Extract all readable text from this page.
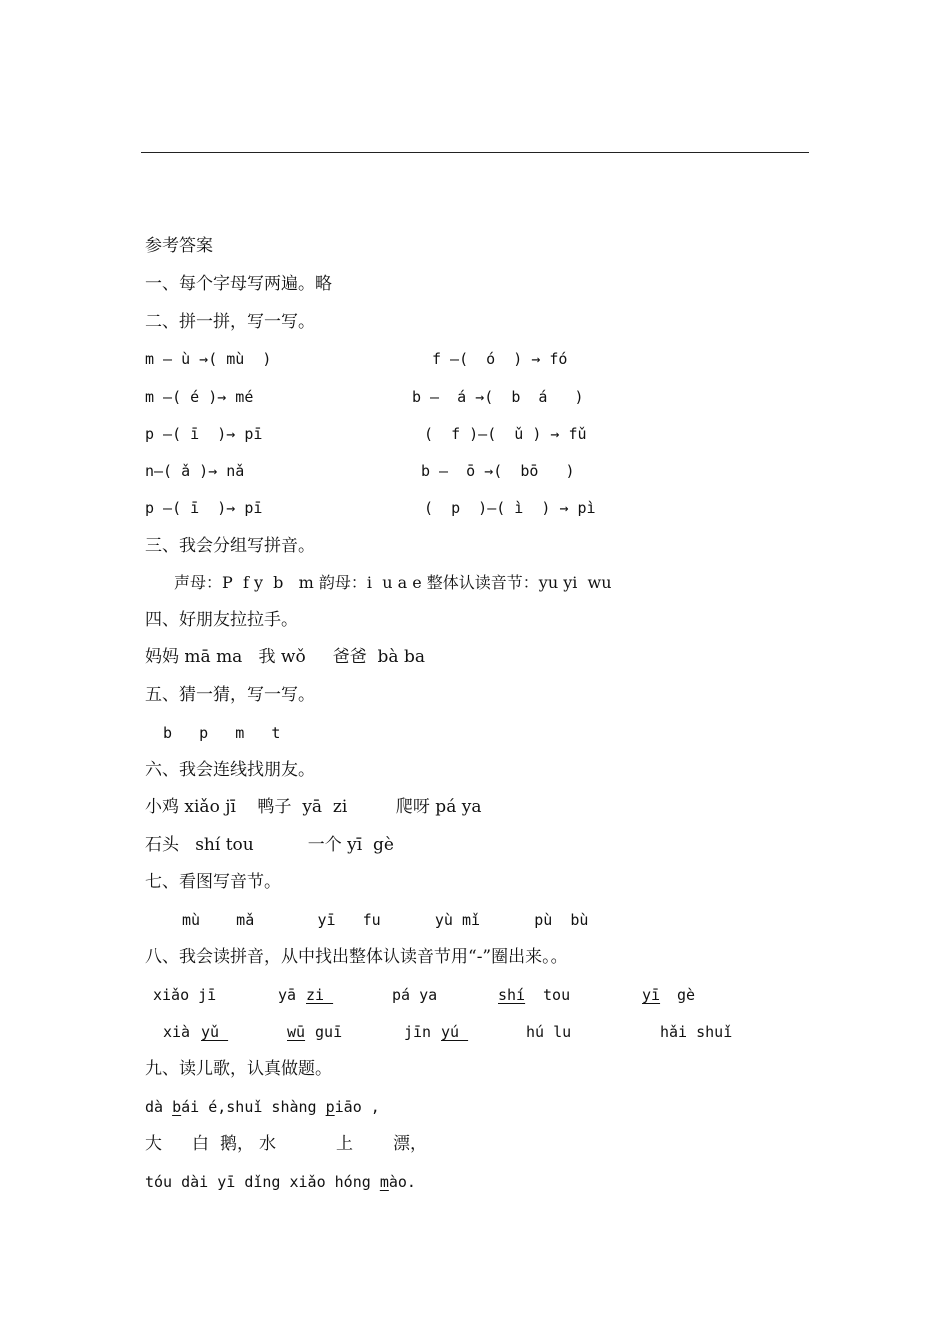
参考答案
一、每个字母写两遍。略
二、拼一拼，写一写。
m — ù →( mù  )	f —(  ó  ) → fó
m —( é )→ mé	b —  á →(  b  á   )
p —( ī  )→ pī	(  f )—(  ǔ ) → fǔ
n—( ǎ )→ nǎ	b —  ō →(  bō   )
p —( ī  )→ pī	(  p  )—( ì  ) → pì
三、我会分组写拼音。
声母：P  f y  b   m 韵母：i  u a e 整体认读音节：yu yi  wu
四、好朋友拉拉手。
妈妈 mā ma   我 wǒ     爸爸  bà ba
五、猜一猜，写一写。
b   p   m   t
六、我会连线找朋友。
小鸡 xiǎo jī    鸭子  yā  zi         爬呀 pá ya
石头   shí tou          一个 yī  gè
七、看图写音节。
mù    mǎ       yī   fu      yù mǐ      pù  bù
八、我会读拼音，从中找出整体认读音节用“-”圈出来。。
xiǎo jī	yā zi	pá ya	shí tou	yī gè
xià yǔ	wū guī	jīn yú	hú lu	hǎi shuǐ
九、读儿歌，认真做题。
dà bái é,shuǐ shàng piāo ,
大 白 鹅， 水	上 漂，
tóu dài yī dǐng xiǎo hóng mào.
